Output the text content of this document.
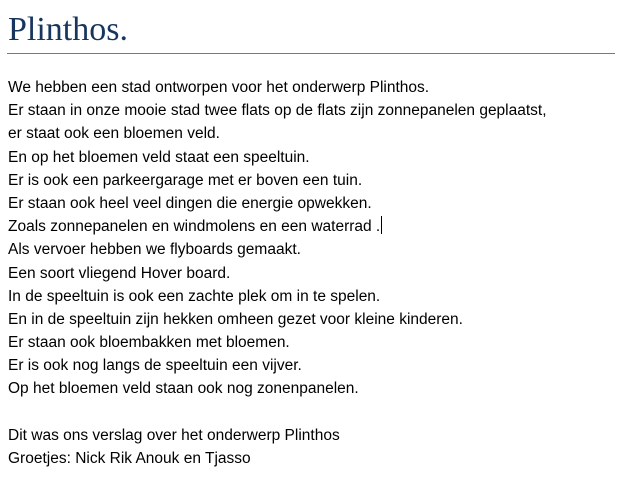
Plinthos.
We hebben een stad ontworpen voor het onderwerp Plinthos.
Er staan in onze mooie stad twee flats op de flats zijn zonnepanelen geplaatst,
er staat ook een bloemen veld.
En op het bloemen veld staat een speeltuin.
Er is ook een parkeergarage met er boven een tuin.
Er staan ook heel veel dingen die energie opwekken.
Zoals zonnepanelen en windmolens en een waterrad .
Als vervoer hebben we flyboards gemaakt.
Een soort vliegend Hover board.
In de speeltuin is ook een zachte plek om in te spelen.
En in de speeltuin zijn hekken omheen gezet voor kleine kinderen.
Er staan ook bloembakken met bloemen.
Er is ook nog langs de speeltuin een vijver.
Op het bloemen veld staan ook nog zonenpanelen.
Dit was ons verslag over het onderwerp Plinthos
Groetjes: Nick Rik Anouk en Tjasso
